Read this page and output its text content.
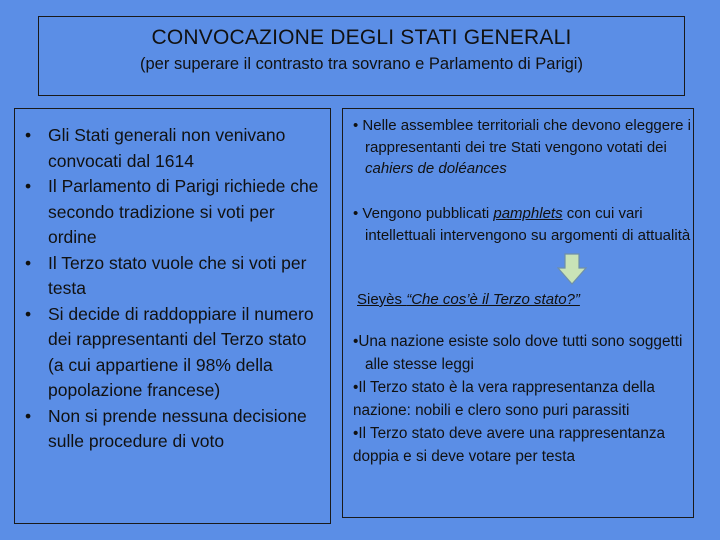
CONVOCAZIONE DEGLI STATI GENERALI
(per superare il contrasto tra sovrano e Parlamento di Parigi)
• Gli Stati generali non venivano convocati dal 1614
• Il Parlamento di Parigi richiede che secondo tradizione si voti per ordine
• Il Terzo stato vuole che si voti per testa
• Si decide di raddoppiare il numero dei rappresentanti del Terzo stato (a cui appartiene il 98% della popolazione francese)
• Non si prende nessuna decisione sulle procedure di voto
• Nelle assemblee territoriali che devono eleggere i rappresentanti dei tre Stati vengono votati dei cahiers de doléances
• Vengono pubblicati pamphlets con cui vari intellettuali intervengono su argomenti di attualità
Sieyès “Che cos’è il Terzo stato?”
•Una nazione esiste solo dove tutti sono soggetti alle stesse leggi
•Il Terzo stato è la vera rappresentanza della nazione: nobili e clero sono puri parassiti
•Il Terzo stato deve avere una rappresentanza doppia e si deve votare per testa
